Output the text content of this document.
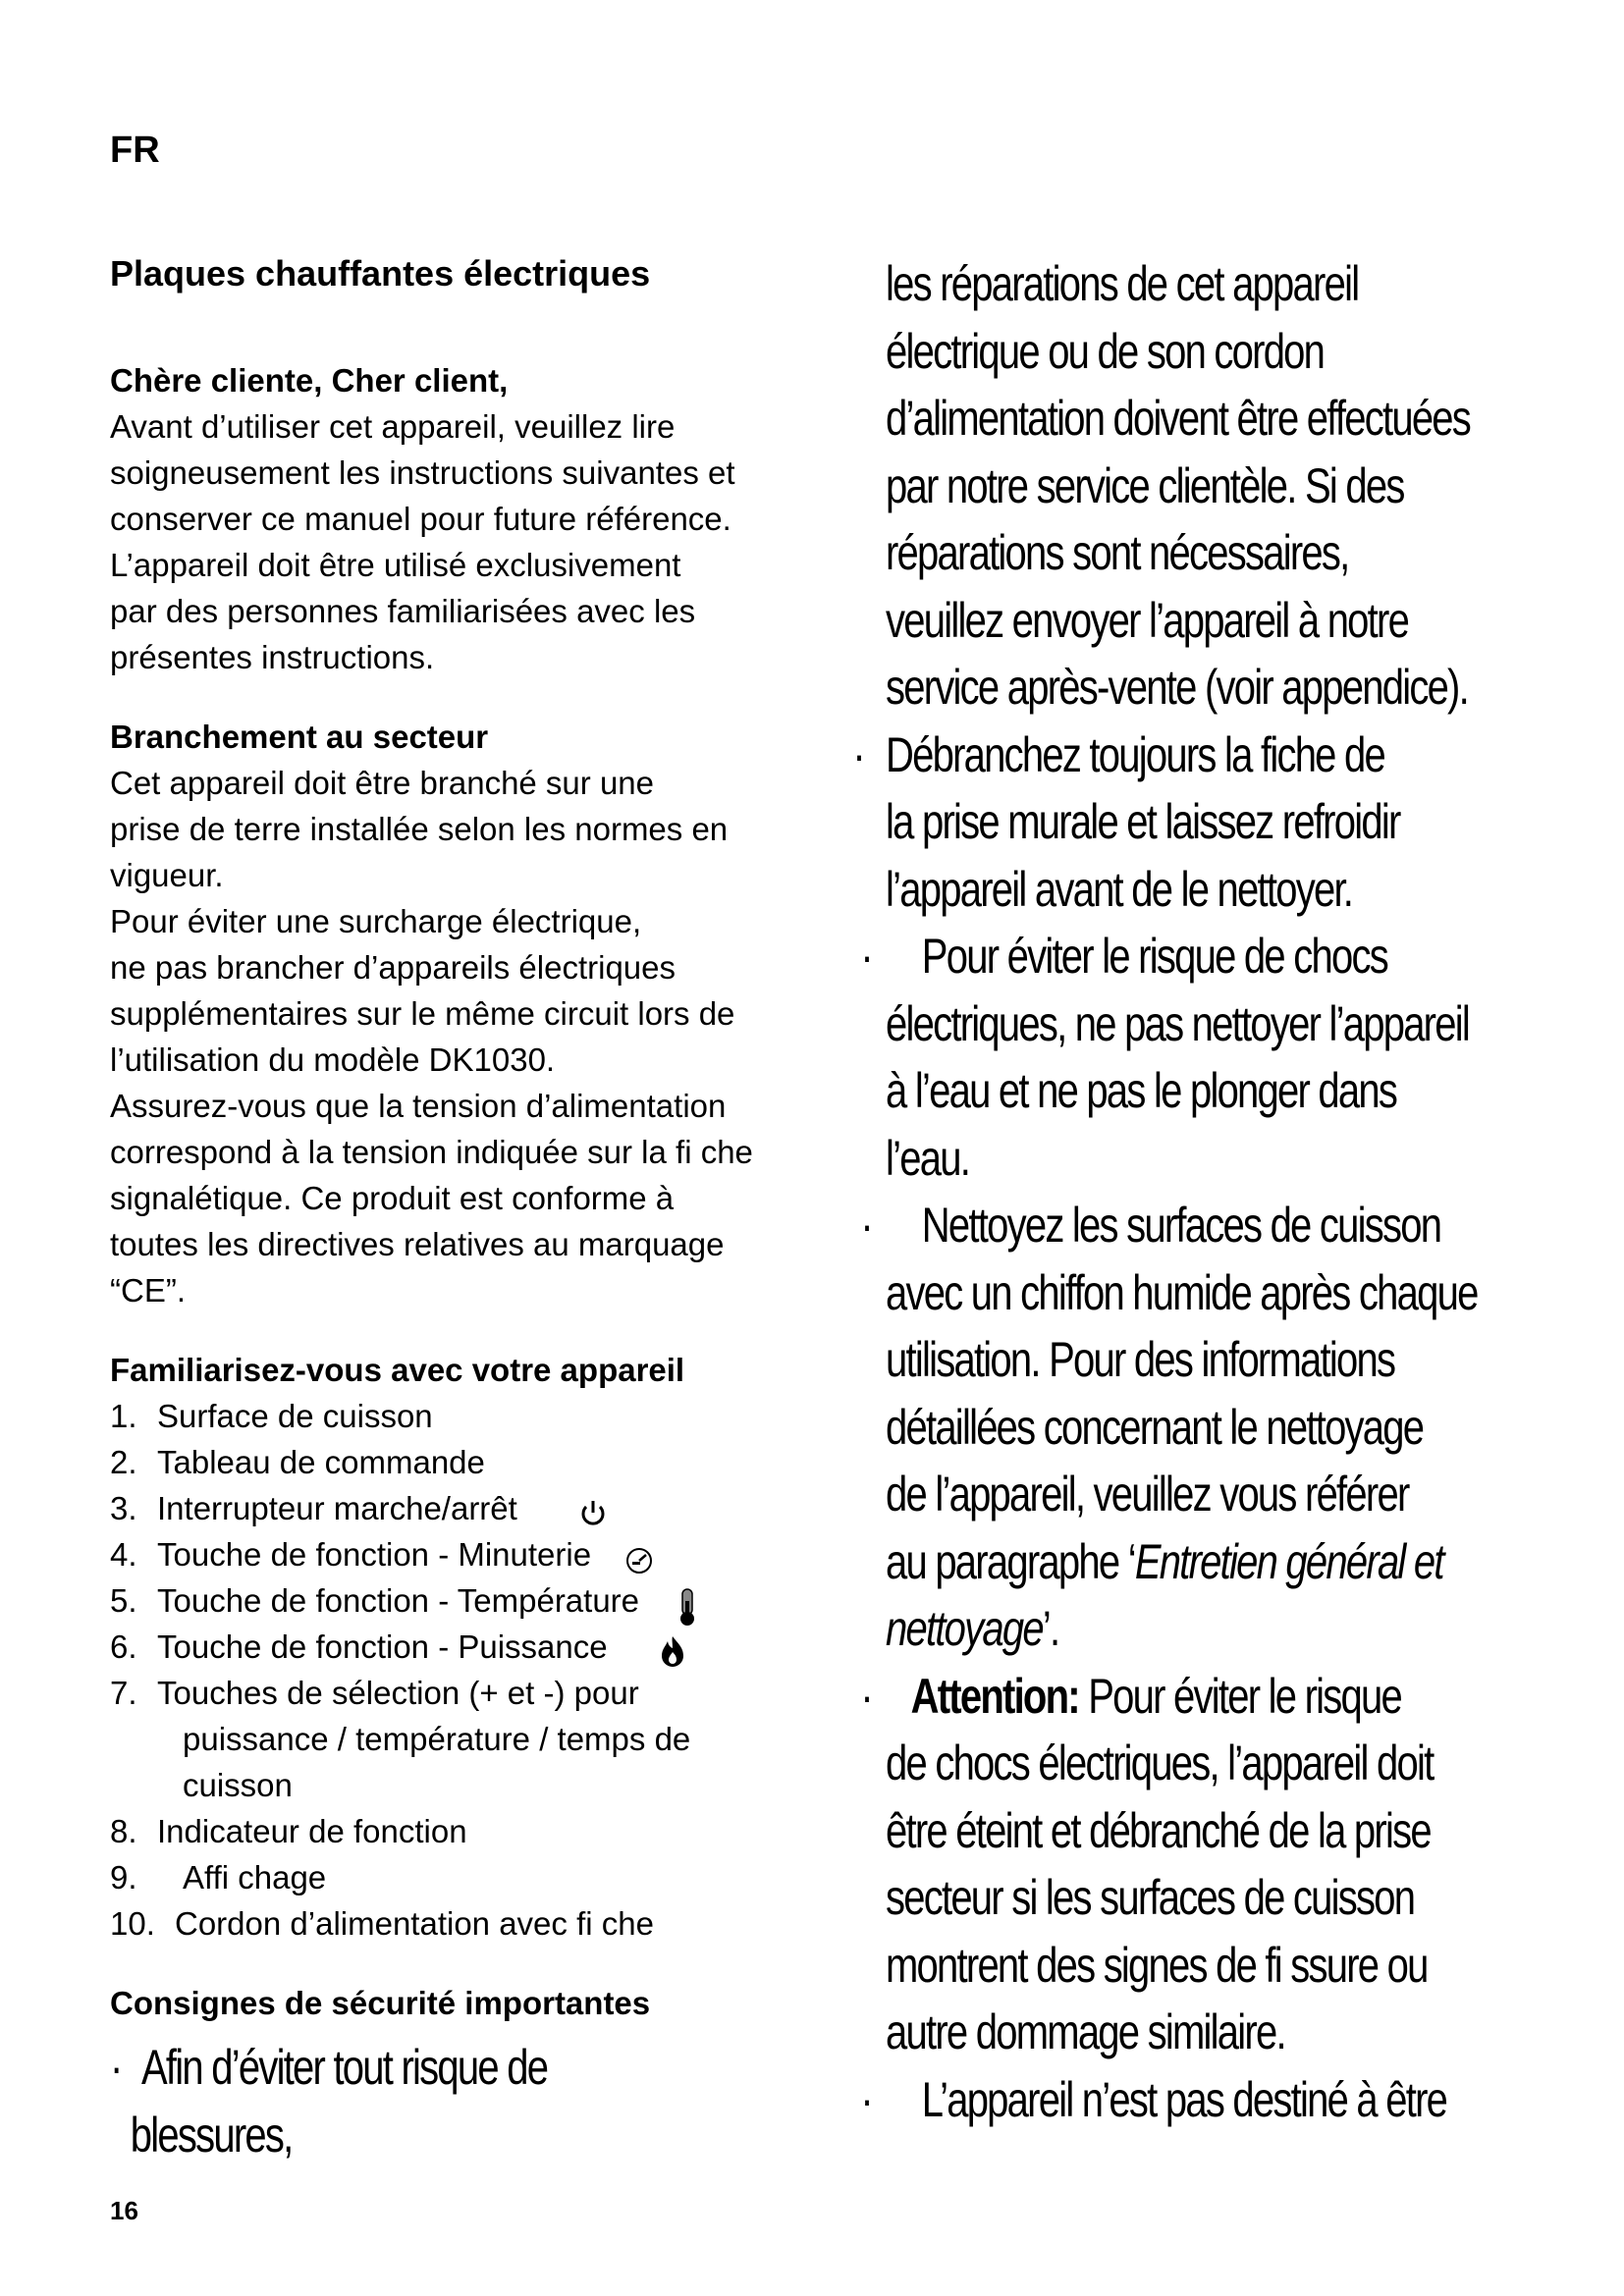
FR
Plaques chauffantes électriques

Chère cliente, Cher client,

Avant d’utiliser cet appareil, veuillez lire

soigneusement les instructions suivantes et

conserver ce manuel pour future référence.

L’appareil doit être utilisé exclusivement

par des personnes familiarisées avec les

présentes instructions.

Branchement au secteur

Cet appareil doit être branché sur une

prise de terre installée selon les normes en

vigueur.

Pour éviter une surcharge électrique,

ne pas brancher d’appareils électriques

supplémentaires sur le même circuit lors de

l’utilisation du modèle DK1030.

Assurez-vous que la tension d’alimentation

correspond à la tension indiquée sur la fi che

signalétique. Ce produit est conforme à

toutes les directives relatives au marquage

“CE”.

Familiarisez-vous avec votre appareil

1. Surface de cuisson
2. Tableau de commande
3. Interrupteur marche/arrêt
4. Touche de fonction - Minuterie
5. Touche de fonction - Température
6. Touche de fonction - Puissance
7. Touches de sélection (+ et -) pour
puissance / température / temps de
cuisson
8. Indicateur de fonction
9. Affi chage
10. Cordon d’alimentation avec fi che

Consignes de sécurité importantes

· Afin d’éviter tout risque de blessures,
les réparations de cet appareil
électrique ou de son cordon
d’alimentation doivent être effectuées
par notre service clientèle. Si des
réparations sont nécessaires,
veuillez envoyer l’appareil à notre
service après-vente (voir appendice).
· Débranchez toujours la fiche de
la prise murale et laissez refroidir
l’appareil avant de le nettoyer.
·	Pour éviter le risque de chocs
électriques, ne pas nettoyer l’appareil
à l’eau et ne pas le plonger dans
l’eau.
·	Nettoyez les surfaces de cuisson
avec un chiffon humide après chaque
utilisation. Pour des informations
détaillées concernant le nettoyage
de l’appareil, veuillez vous référer
au paragraphe ‘Entretien général et
nettoyage’.
· Attention: Pour éviter le risque
de chocs électriques, l’appareil doit
être éteint et débranché de la prise
secteur si les surfaces de cuisson
montrent des signes de fi ssure ou
autre dommage similaire.
·	L’appareil n’est pas destiné à être
16
